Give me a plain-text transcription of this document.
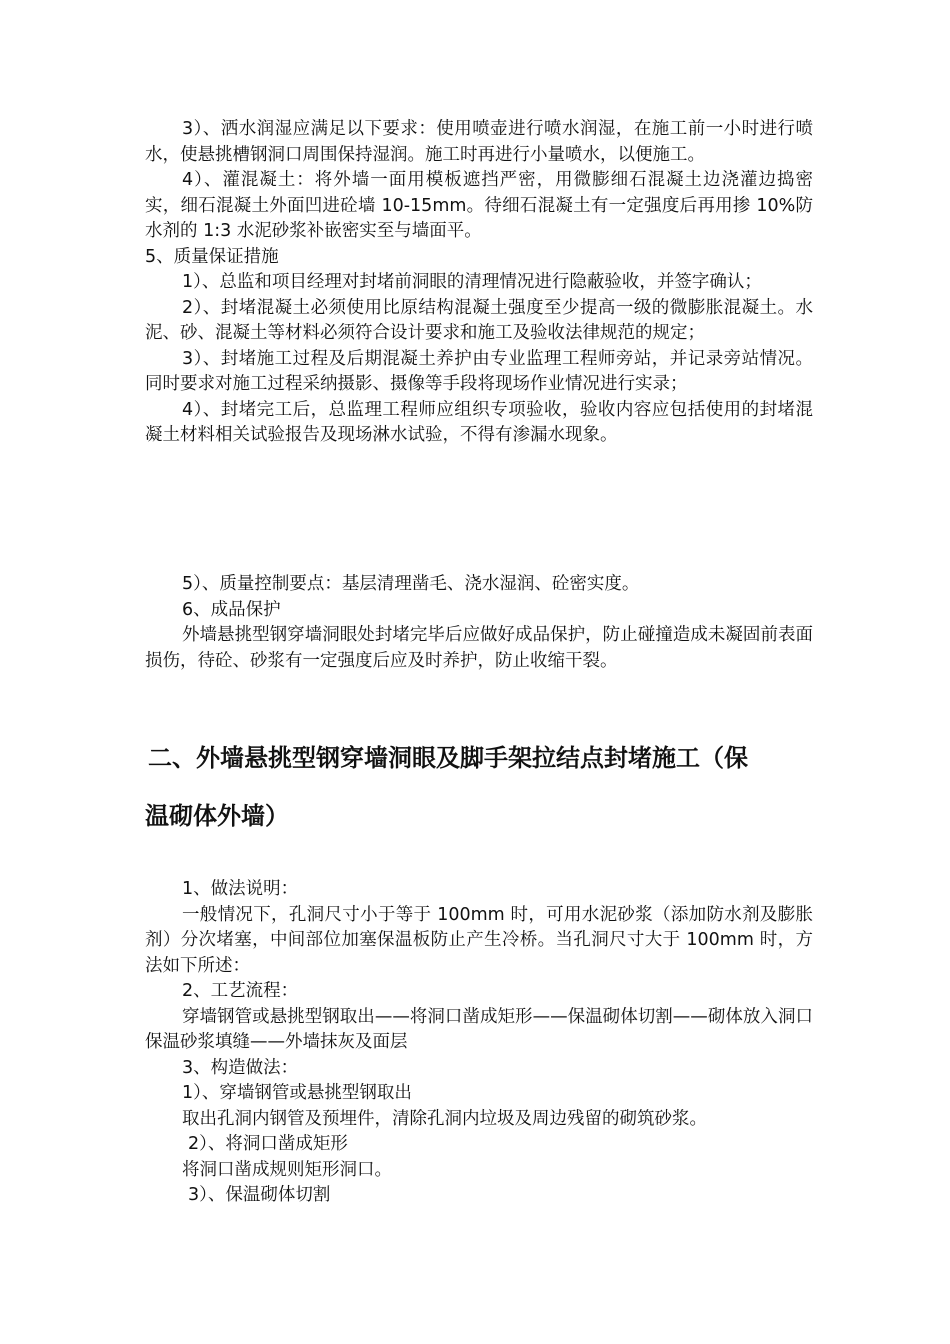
3）、洒水润湿应满足以下要求：使用喷壶进行喷水润湿，在施工前一小时进行喷水，使悬挑槽钢洞口周围保持湿润。施工时再进行小量喷水，以便施工。

4）、灌混凝土：将外墙一面用模板遮挡严密，用微膨细石混凝土边浇灌边捣密实，细石混凝土外面凹进砼墙 10-15mm。待细石混凝土有一定强度后再用掺 10%防水剂的 1:3 水泥砂浆补嵌密实至与墙面平。

5、质量保证措施

1）、总监和项目经理对封堵前洞眼的清理情况进行隐蔽验收，并签字确认；

2）、封堵混凝土必须使用比原结构混凝土强度至少提高一级的微膨胀混凝土。水泥、砂、混凝土等材料必须符合设计要求和施工及验收法律规范的规定；

3）、封堵施工过程及后期混凝土养护由专业监理工程师旁站，并记录旁站情况。同时要求对施工过程采纳摄影、摄像等手段将现场作业情况进行实录；

4）、封堵完工后，总监理工程师应组织专项验收，验收内容应包括使用的封堵混凝土材料相关试验报告及现场淋水试验，不得有渗漏水现象。

5）、质量控制要点：基层清理凿毛、浇水湿润、砼密实度。

6、成品保护

外墙悬挑型钢穿墙洞眼处封堵完毕后应做好成品保护，防止碰撞造成未凝固前表面损伤，待砼、砂浆有一定强度后应及时养护，防止收缩干裂。

二、外墙悬挑型钢穿墙洞眼及脚手架拉结点封堵施工（保

温砌体外墙）

1、做法说明：

一般情况下，孔洞尺寸小于等于 100mm 时，可用水泥砂浆（添加防水剂及膨胀剂）分次堵塞，中间部位加塞保温板防止产生冷桥。当孔洞尺寸大于 100mm 时，方法如下所述：

2、工艺流程：

穿墙钢管或悬挑型钢取出——将洞口凿成矩形——保温砌体切割——砌体放入洞口保温砂浆填缝——外墙抹灰及面层

3、构造做法：

1）、穿墙钢管或悬挑型钢取出

取出孔洞内钢管及预埋件，清除孔洞内垃圾及周边残留的砌筑砂浆。

2）、将洞口凿成矩形

将洞口凿成规则矩形洞口。

3）、保温砌体切割
